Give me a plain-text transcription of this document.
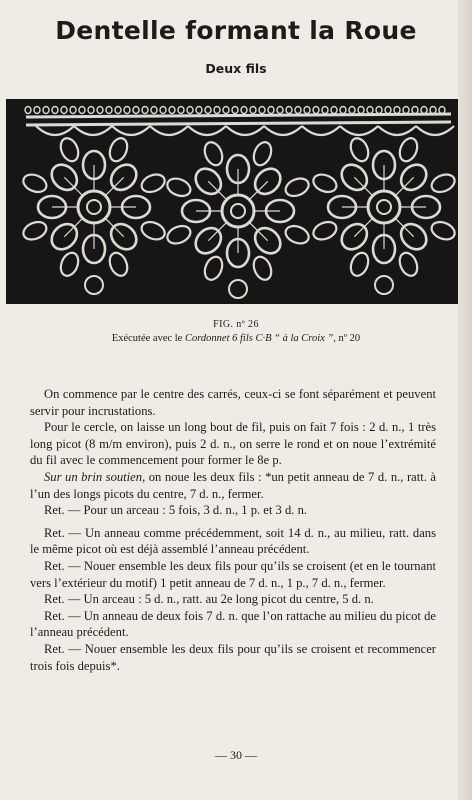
Dentelle formant la Roue
Deux fils
FIG. nº 26
Exécutée avec le Cordonnet 6 fils C·B “ à la Croix ”, nº 20

On commence par le centre des carrés, ceux-ci se font séparément et peuvent servir pour incrustations.

Pour le cercle, on laisse un long bout de fil, puis on fait 7 fois : 2 d. n., 1 très long picot (8 m/m environ), puis 2 d. n., on serre le rond et on noue l’extrémité du fil avec le commencement pour former le 8e p.

Sur un brin soutien, on noue les deux fils : *un petit anneau de 7 d. n., ratt. à l’un des longs picots du centre, 7 d. n., fermer.

Ret. — Pour un arceau : 5 fois, 3 d. n., 1 p. et 3 d. n.

Ret. — Un anneau comme précédemment, soit 14 d. n., au milieu, ratt. dans le même picot où est déjà assemblé l’anneau précédent.

Ret. — Nouer ensemble les deux fils pour qu’ils se croisent (et en le tournant vers l’extérieur du motif) 1 petit anneau de 7 d. n., 1 p., 7 d. n., fermer.

Ret. — Un arceau : 5 d. n., ratt. au 2e long picot du centre, 5 d. n.

Ret. — Un anneau de deux fois 7 d. n. que l’on rattache au milieu du picot de l’anneau précédent.

Ret. — Nouer ensemble les deux fils pour qu’ils se croisent et recommencer trois fois depuis*.

— 30 —
